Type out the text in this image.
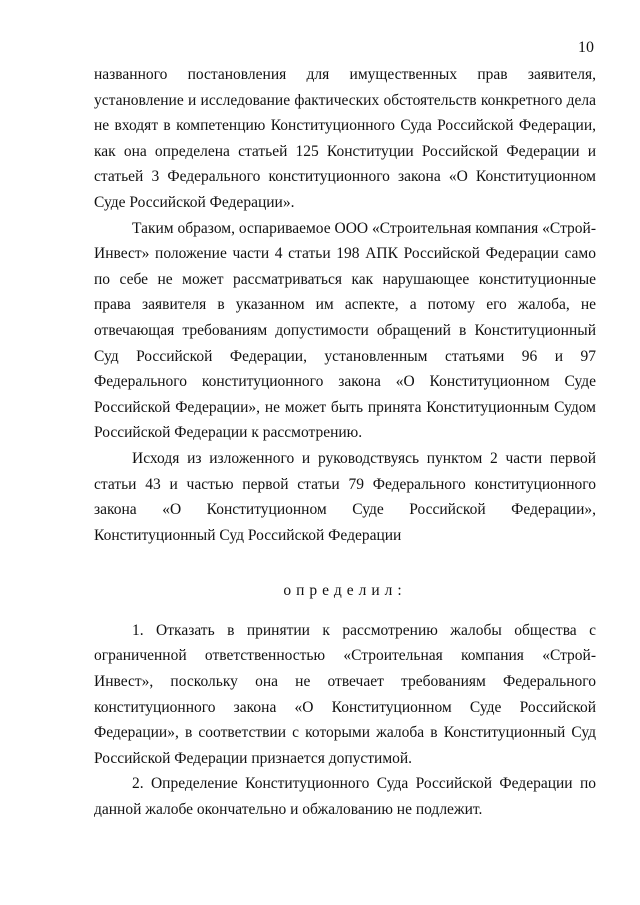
10

названного постановления для имущественных прав заявителя, установление и исследование фактических обстоятельств конкретного дела не входят в компетенцию Конституционного Суда Российской Федерации, как она определена статьей 125 Конституции Российской Федерации и статьей 3 Федерального конституционного закона «О Конституционном Суде Российской Федерации».

Таким образом, оспариваемое ООО «Строительная компания «Строй-Инвест» положение части 4 статьи 198 АПК Российской Федерации само по себе не может рассматриваться как нарушающее конституционные права заявителя в указанном им аспекте, а потому его жалоба, не отвечающая требованиям допустимости обращений в Конституционный Суд Российской Федерации, установленным статьями 96 и 97 Федерального конституционного закона «О Конституционном Суде Российской Федерации», не может быть принята Конституционным Судом Российской Федерации к рассмотрению.

Исходя из изложенного и руководствуясь пунктом 2 части первой статьи 43 и частью первой статьи 79 Федерального конституционного закона «О Конституционном Суде Российской Федерации», Конституционный Суд Российской Федерации

определил:

1. Отказать в принятии к рассмотрению жалобы общества с ограниченной ответственностью «Строительная компания «Строй-Инвест», поскольку она не отвечает требованиям Федерального конституционного закона «О Конституционном Суде Российской Федерации», в соответствии с которыми жалоба в Конституционный Суд Российской Федерации признается допустимой.

2. Определение Конституционного Суда Российской Федерации по данной жалобе окончательно и обжалованию не подлежит.
